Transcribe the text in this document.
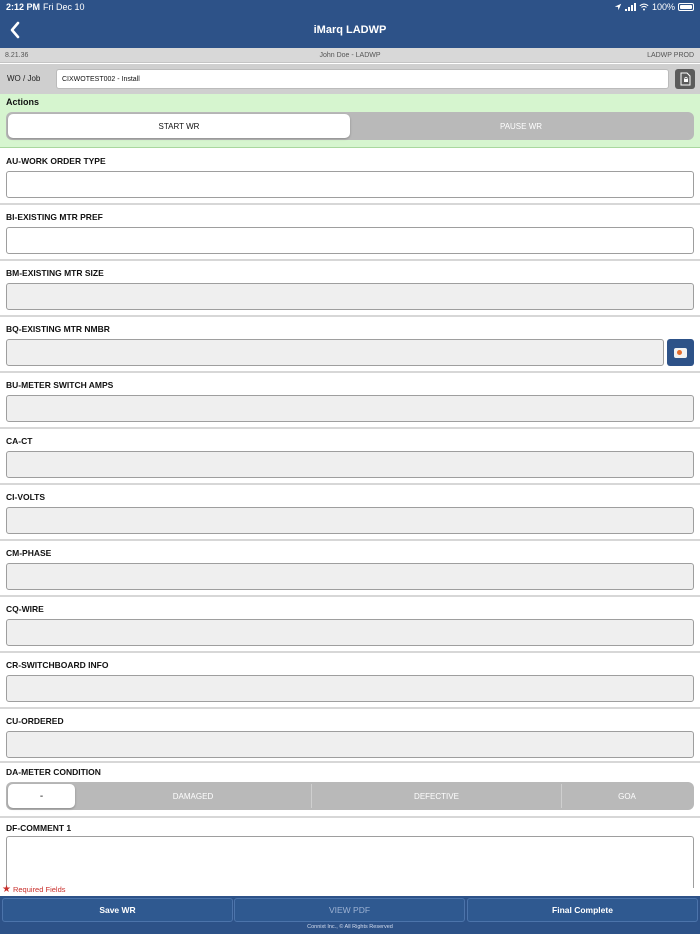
2:12 PM Fri Dec 10	100%
iMarq LADWP
8.21.36	John Doe - LADWP	LADWP PROD
WO / Job	CIXWOTEST002 - Install
Actions
START WR	PAUSE WR
AU-WORK ORDER TYPE
BI-EXISTING MTR PREF
BM-EXISTING MTR SIZE
BQ-EXISTING MTR NMBR
BU-METER SWITCH AMPS
CA-CT
CI-VOLTS
CM-PHASE
CQ-WIRE
CR-SWITCHBOARD INFO
CU-ORDERED
DA-METER CONDITION
-	DAMAGED	DEFECTIVE	GOA
DF-COMMENT 1
★ Required Fields
Save WR	VIEW PDF	Final Complete
Connixt Inc., © All Rights Reserved
